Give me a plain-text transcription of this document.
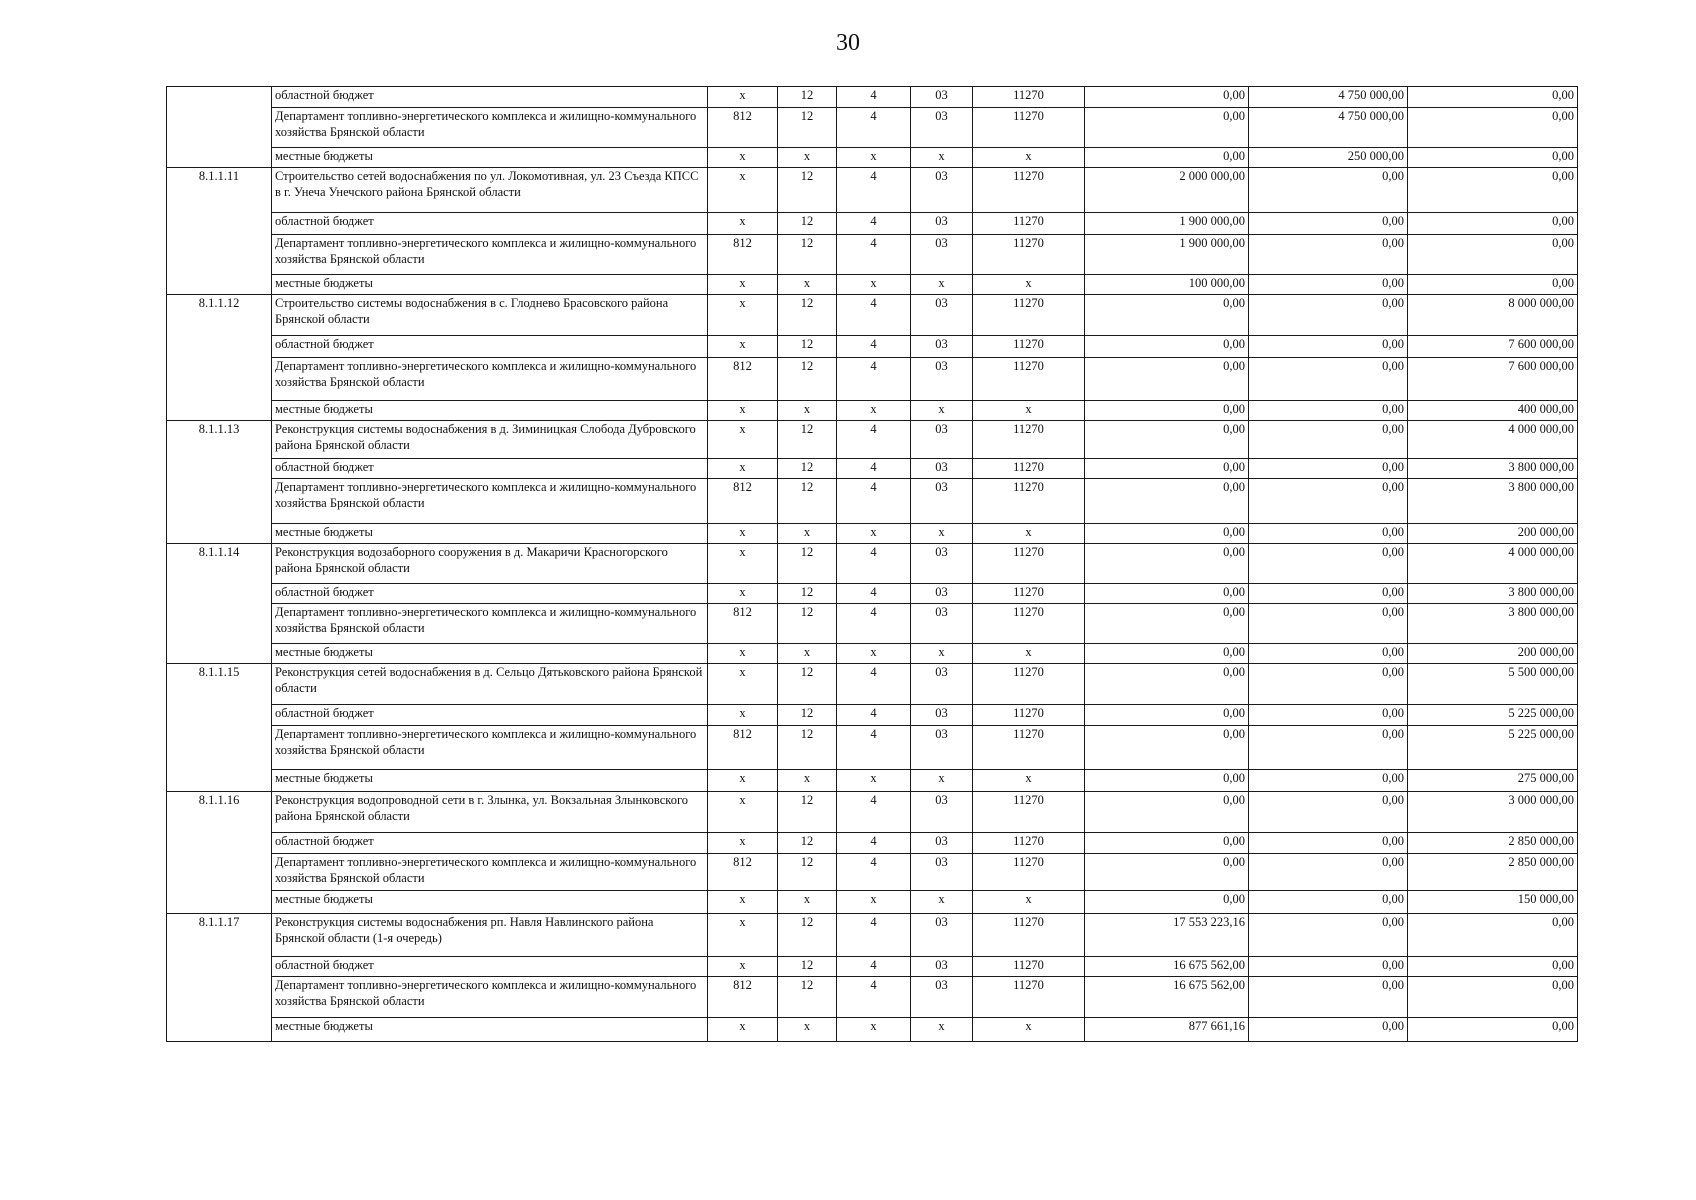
30
	областной бюджет	x	12	4	03	11270	0,00	4 750 000,00	0,00
	Департамент топливно-энергетического комплекса и жилищно-коммунального хозяйства Брянской области	812	12	4	03	11270	0,00	4 750 000,00	0,00
	местные бюджеты	x	x	x	x	x	0,00	250 000,00	0,00
8.1.1.11	Строительство сетей водоснабжения по ул. Локомотивная, ул. 23 Съезда КПСС в г. Унеча Унечского района Брянской области	x	12	4	03	11270	2 000 000,00	0,00	0,00
	областной бюджет	x	12	4	03	11270	1 900 000,00	0,00	0,00
	Департамент топливно-энергетического комплекса и жилищно-коммунального хозяйства Брянской области	812	12	4	03	11270	1 900 000,00	0,00	0,00
	местные бюджеты	x	x	x	x	x	100 000,00	0,00	0,00
8.1.1.12	Строительство системы водоснабжения в с. Глоднево Брасовского района Брянской области	x	12	4	03	11270	0,00	0,00	8 000 000,00
	областной бюджет	x	12	4	03	11270	0,00	0,00	7 600 000,00
	Департамент топливно-энергетического комплекса и жилищно-коммунального хозяйства Брянской области	812	12	4	03	11270	0,00	0,00	7 600 000,00
	местные бюджеты	x	x	x	x	x	0,00	0,00	400 000,00
8.1.1.13	Реконструкция системы водоснабжения в д. Зиминицкая Слобода Дубровского района Брянской области	x	12	4	03	11270	0,00	0,00	4 000 000,00
	областной бюджет	x	12	4	03	11270	0,00	0,00	3 800 000,00
	Департамент топливно-энергетического комплекса и жилищно-коммунального хозяйства Брянской области	812	12	4	03	11270	0,00	0,00	3 800 000,00
	местные бюджеты	x	x	x	x	x	0,00	0,00	200 000,00
8.1.1.14	Реконструкция водозаборного сооружения в д. Макаричи Красногорского района Брянской области	x	12	4	03	11270	0,00	0,00	4 000 000,00
	областной бюджет	x	12	4	03	11270	0,00	0,00	3 800 000,00
	Департамент топливно-энергетического комплекса и жилищно-коммунального хозяйства Брянской области	812	12	4	03	11270	0,00	0,00	3 800 000,00
	местные бюджеты	x	x	x	x	x	0,00	0,00	200 000,00
8.1.1.15	Реконструкция сетей водоснабжения в д. Сельцо Дятьковского района Брянской области	x	12	4	03	11270	0,00	0,00	5 500 000,00
	областной бюджет	x	12	4	03	11270	0,00	0,00	5 225 000,00
	Департамент топливно-энергетического комплекса и жилищно-коммунального хозяйства Брянской области	812	12	4	03	11270	0,00	0,00	5 225 000,00
	местные бюджеты	x	x	x	x	x	0,00	0,00	275 000,00
8.1.1.16	Реконструкция водопроводной сети в г. Злынка, ул. Вокзальная Злынковского района Брянской области	x	12	4	03	11270	0,00	0,00	3 000 000,00
	областной бюджет	x	12	4	03	11270	0,00	0,00	2 850 000,00
	Департамент топливно-энергетического комплекса и жилищно-коммунального хозяйства Брянской области	812	12	4	03	11270	0,00	0,00	2 850 000,00
	местные бюджеты	x	x	x	x	x	0,00	0,00	150 000,00
8.1.1.17	Реконструкция системы водоснабжения рп. Навля Навлинского района Брянской области (1-я очередь)	x	12	4	03	11270	17 553 223,16	0,00	0,00
	областной бюджет	x	12	4	03	11270	16 675 562,00	0,00	0,00
	Департамент топливно-энергетического комплекса и жилищно-коммунального хозяйства Брянской области	812	12	4	03	11270	16 675 562,00	0,00	0,00
	местные бюджеты	x	x	x	x	x	877 661,16	0,00	0,00
